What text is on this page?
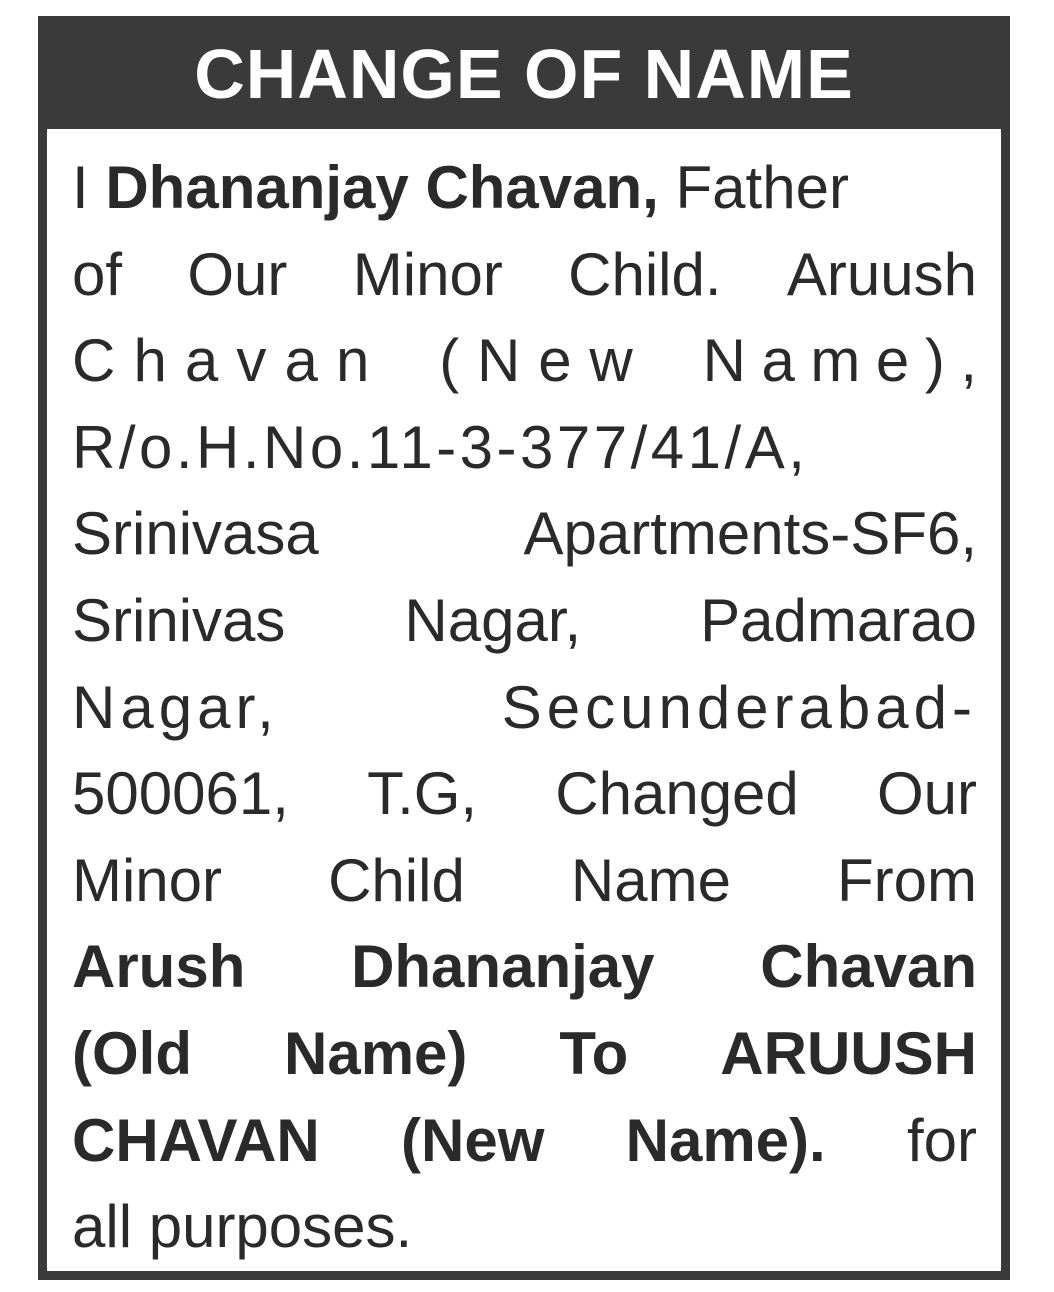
CHANGE OF NAME
I Dhananjay Chavan, Father
of Our Minor Child. Aruush
C h a v a n ( N e w N a m e ) ,
R/o.H.No.11-3-377/41/A,
Srinivasa	Apartments-SF6,
Srinivas Nagar, Padmarao
Nagar,	Secunderabad-
500061, T.G, Changed Our
Minor Child Name From
Arush Dhananjay Chavan
(Old Name) To ARUUSH
CHAVAN (New Name). for
all purposes.
